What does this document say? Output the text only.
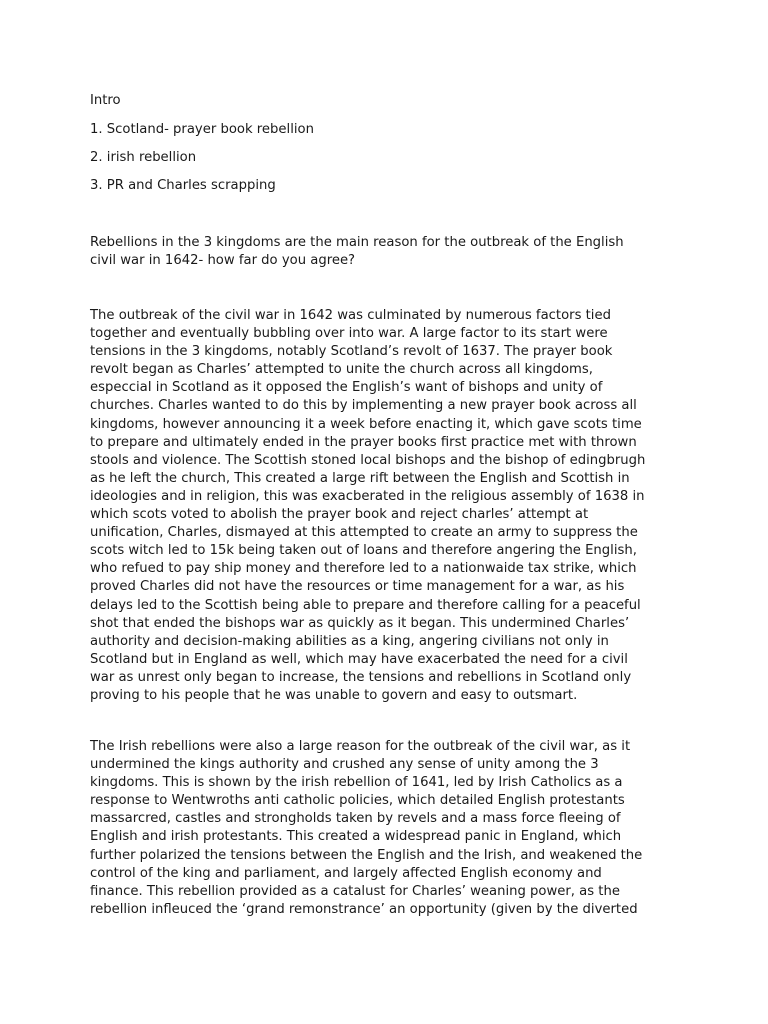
Intro

1. Scotland- prayer book rebellion

2. irish rebellion

3. PR and Charles scrapping

Rebellions in the 3 kingdoms are the main reason for the outbreak of the English
civil war in 1642- how far do you agree?

The outbreak of the civil war in 1642 was culminated by numerous factors tied
together and eventually bubbling over into war. A large factor to its start were
tensions in the 3 kingdoms, notably Scotland’s revolt of 1637. The prayer book
revolt began as Charles’ attempted to unite the church across all kingdoms,
especciaI in Scotland as it opposed the English’s want of bishops and unity of
churches. Charles wanted to do this by implementing a new prayer book across all
kingdoms, however announcing it a week before enacting it, which gave scots time
to prepare and ultimately ended in the prayer books first practice met with thrown
stools and violence. The Scottish stoned local bishops and the bishop of edingbrugh
as he left the church, This created a large rift between the English and Scottish in
ideologies and in religion, this was exacberated in the religious assembly of 1638 in
which scots voted to abolish the prayer book and reject charles’ attempt at
unification, Charles, dismayed at this attempted to create an army to suppress the
scots witch led to 15k being taken out of loans and therefore angering the English,
who refued to pay ship money and therefore led to a nationwaide tax strike, which
proved Charles did not have the resources or time management for a war, as his
delays led to the Scottish being able to prepare and therefore calling for a peaceful
shot that ended the bishops war as quickly as it began. This undermined Charles’
authority and decision-making abilities as a king, angering civilians not only in
Scotland but in England as well, which may have exacerbated the need for a civil
war as unrest only began to increase, the tensions and rebellions in Scotland only
proving to his people that he was unable to govern and easy to outsmart.

The Irish rebellions were also a large reason for the outbreak of the civil war, as it
undermined the kings authority and crushed any sense of unity among the 3
kingdoms. This is shown by the irish rebellion of 1641, led by Irish Catholics as a
response to Wentwroths anti catholic policies, which detailed English protestants
massarcred, castles and strongholds taken by revels and a mass force fleeing of
English and irish protestants. This created a widespread panic in England, which
further polarized the tensions between the English and the Irish, and weakened the
control of the king and parliament, and largely affected English economy and
finance. This rebellion provided as a catalust for Charles’ weaning power, as the
rebellion infleuced the ‘grand remonstrance’ an opportunity (given by the diverted
